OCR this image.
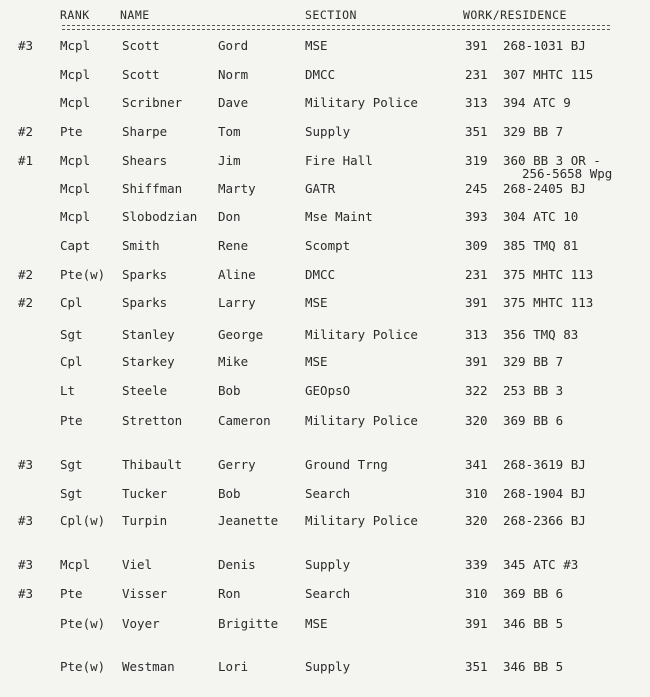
RANK	NAME	SECTION	WORK/RESIDENCE
#3 Mcpl	Scott	Gord	MSE	391 268-1031 BJ
Mcpl	Scott	Norm	DMCC	231 307 MHTC 115
Mcpl	Scribner	Dave	Military Police	313 394 ATC 9
#2 Pte	Sharpe	Tom	Supply	351 329 BB 7
#1 Mcpl	Shears	Jim	Fire Hall	319 360 BB 3 OR -
256-5658 Wpg
Mcpl	Shiffman	Marty	GATR	245 268-2405 BJ
Mcpl	Slobodzian Don	Mse Maint	393 304 ATC 10
Capt	Smith	Rene	Scompt	309 385 TMQ 81
#2 Pte(w) Sparks	Aline	DMCC	231 375 MHTC 113
#2 Cpl	Sparks	Larry	MSE	391 375 MHTC 113
Sgt	Stanley	George	Military Police	313 356 TMQ 83
Cpl	Starkey	Mike	MSE	391 329 BB 7
Lt	Steele	Bob	GEOpsO	322 253 BB 3
Pte	Stretton	Cameron	Military Police	320 369 BB 6
#3 Sgt	Thibault	Gerry	Ground Trng	341 268-3619 BJ
Sgt	Tucker	Bob	Search	310 268-1904 BJ
#3 Cpl(w) Turpin	Jeanette Military Police	320 268-2366 BJ
#3 Mcpl	Viel	Denis	Supply	339 345 ATC #3
#3 Pte	Visser	Ron	Search	310 369 BB 6
Pte(w) Voyer	Brigitte MSE	391 346 BB 5
Pte(w) Westman	Lori	Supply	351 346 BB 5
